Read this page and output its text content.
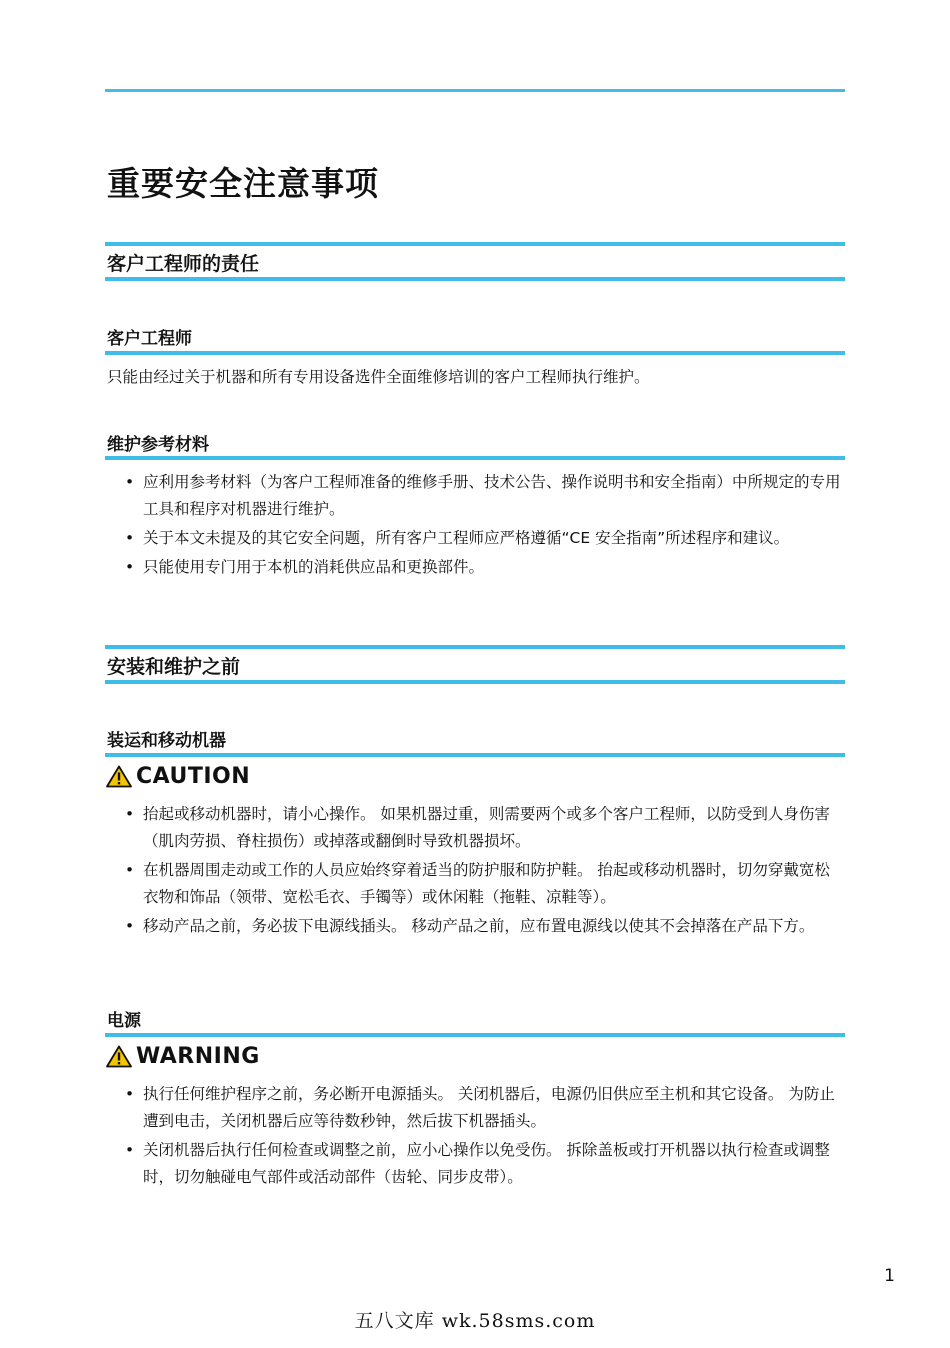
重要安全注意事项
客户工程师的责任
客户工程师
只能由经过关于机器和所有专用设备选件全面维修培训的客户工程师执行维护。
维护参考材料
• 应利用参考材料（为客户工程师准备的维修手册、技术公告、操作说明书和安全指南）中所规定的专用工具和程序对机器进行维护。
• 关于本文未提及的其它安全问题，所有客户工程师应严格遵循“CE 安全指南”所述程序和建议。
• 只能使用专门用于本机的消耗供应品和更换部件。
安装和维护之前
装运和移动机器
CAUTION
• 抬起或移动机器时，请小心操作。 如果机器过重，则需要两个或多个客户工程师，以防受到人身伤害（肌肉劳损、脊柱损伤）或掉落或翻倒时导致机器损坏。
• 在机器周围走动或工作的人员应始终穿着适当的防护服和防护鞋。 抬起或移动机器时，切勿穿戴宽松衣物和饰品（领带、宽松毛衣、手镯等）或休闲鞋（拖鞋、凉鞋等）。
• 移动产品之前，务必拔下电源线插头。 移动产品之前，应布置电源线以使其不会掉落在产品下方。
电源
WARNING
• 执行任何维护程序之前，务必断开电源插头。 关闭机器后，电源仍旧供应至主机和其它设备。 为防止遭到电击，关闭机器后应等待数秒钟，然后拔下机器插头。
• 关闭机器后执行任何检查或调整之前，应小心操作以免受伤。 拆除盖板或打开机器以执行检查或调整时，切勿触碰电气部件或活动部件（齿轮、同步皮带）。
1
五八文库 wk.58sms.com
